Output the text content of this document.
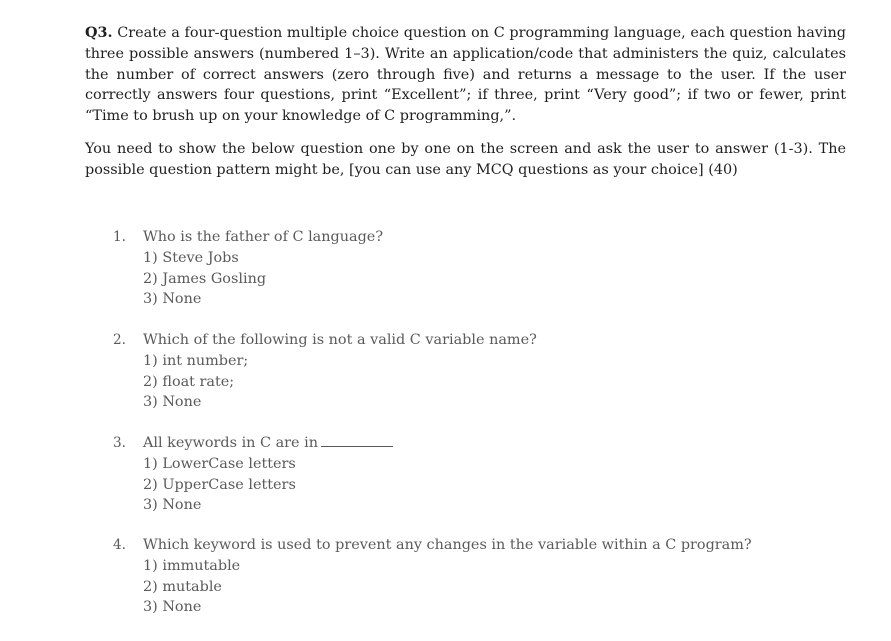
Q3. Create a four-question multiple choice question on C programming language, each question having three possible answers (numbered 1–3). Write an application/code that administers the quiz, calculates the number of correct answers (zero through five) and returns a message to the user. If the user correctly answers four questions, print “Excellent”; if three, print “Very good”; if two or fewer, print “Time to brush up on your knowledge of C programming,”.

You need to show the below question one by one on the screen and ask the user to answer (1-3). The possible question pattern might be, [you can use any MCQ questions as your choice] (40)

1.	Who is the father of C language?
1) Steve Jobs
2) James Gosling
3) None
2.	Which of the following is not a valid C variable name?
1) int number;
2) float rate;
3) None
3.	All keywords in C are in
1) LowerCase letters
2) UpperCase letters
3) None
4.	Which keyword is used to prevent any changes in the variable within a C program?
1) immutable
2) mutable
3) None
